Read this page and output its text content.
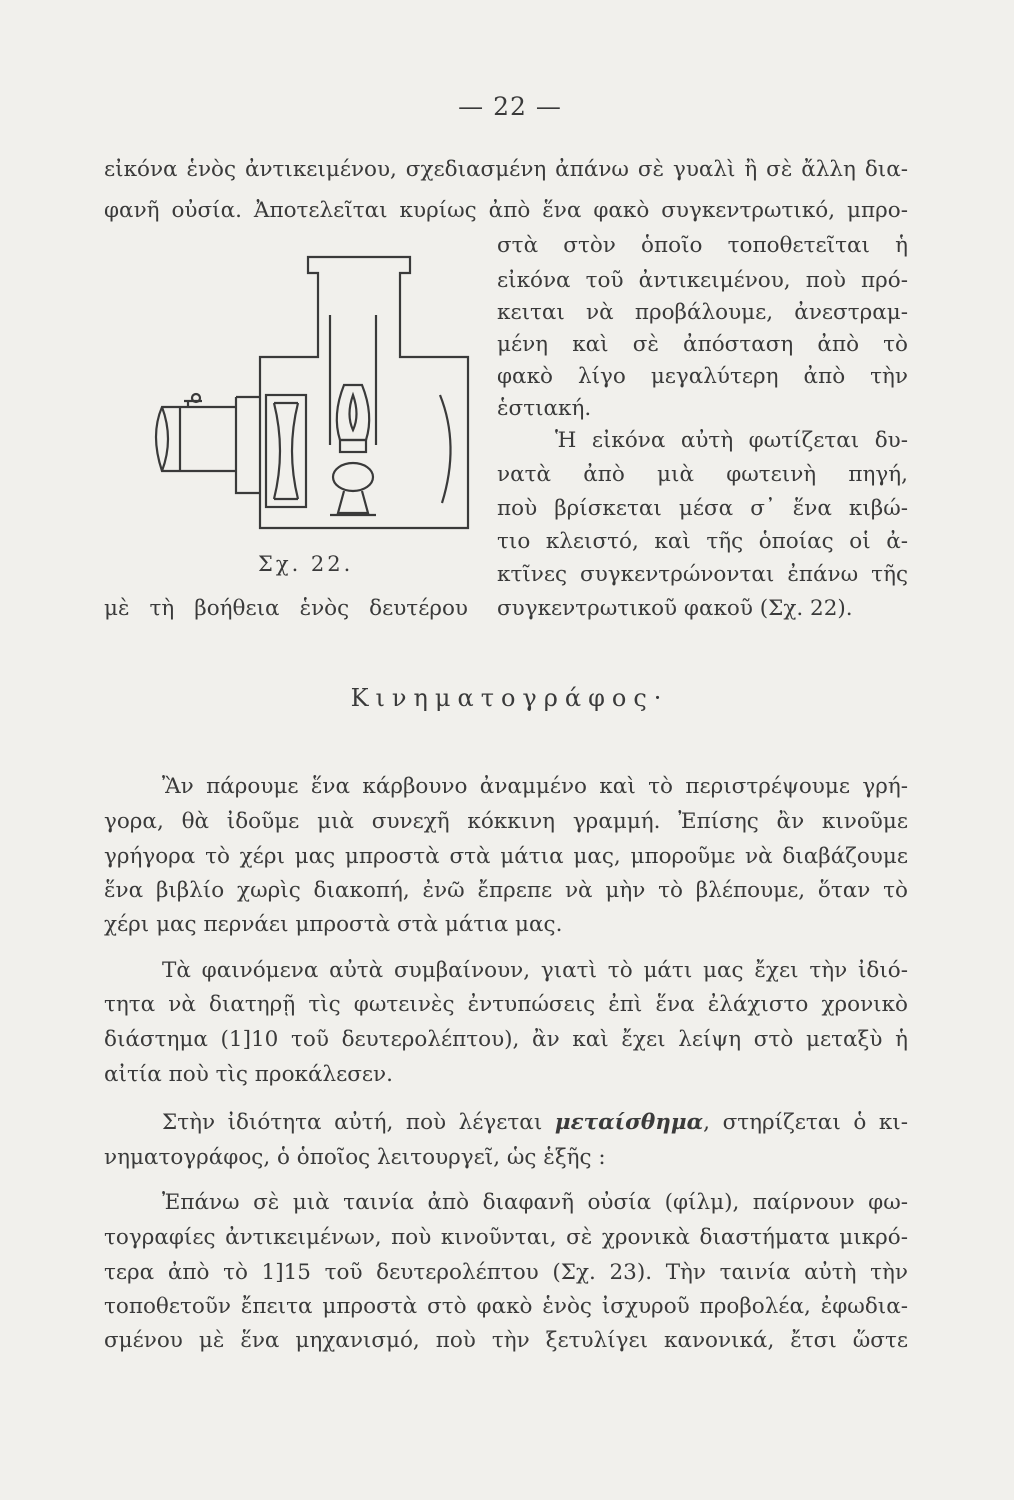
— 22 —
εἰκόνα ἑνὸς ἀντικειμένου, σχεδιασμένη ἀπάνω σὲ γυαλὶ ἢ σὲ ἄλλη δια-
φανῆ οὐσία. Ἀποτελεῖται κυρίως ἀπὸ ἕνα φακὸ συγκεντρωτικό, μπρο-
στὰ στὸν ὁποῖο τοποθετεῖται ἡ
εἰκόνα τοῦ ἀντικειμένου, ποὺ πρό-
κειται νὰ προβάλουμε, ἀνεστραμ-
μένη καὶ σὲ ἀπόσταση ἀπὸ τὸ
φακὸ λίγο μεγαλύτερη ἀπὸ τὴν
ἑστιακή.
Ἡ εἰκόνα αὐτὴ φωτίζεται δυ-
νατὰ ἀπὸ μιὰ φωτεινὴ πηγή,
ποὺ βρίσκεται μέσα σ᾽ ἕνα κιβώ-
τιο κλειστό, καὶ τῆς ὁποίας οἱ ἀ-
κτῖνες συγκεντρώνονται ἐπάνω τῆς
μὲ τὴ βοήθεια ἑνὸς δευτέρου συγκεντρωτικοῦ φακοῦ (Σχ. 22).
Σχ. 22.
Κινηματογράφος·
Ἂν πάρουμε ἕνα κάρβουνο ἀναμμένο καὶ τὸ περιστρέψουμε γρή-
γορα, θὰ ἰδοῦμε μιὰ συνεχῆ κόκκινη γραμμή. Ἐπίσης ἂν κινοῦμε
γρήγορα τὸ χέρι μας μπροστὰ στὰ μάτια μας, μποροῦμε νὰ διαβάζουμε
ἕνα βιβλίο χωρὶς διακοπή, ἐνῶ ἔπρεπε νὰ μὴν τὸ βλέπουμε, ὅταν τὸ
χέρι μας περνάει μπροστὰ στὰ μάτια μας.
Τὰ φαινόμενα αὐτὰ συμβαίνουν, γιατὶ τὸ μάτι μας ἔχει τὴν ἰδιό-
τητα νὰ διατηρῇ τὶς φωτεινὲς ἐντυπώσεις ἐπὶ ἕνα ἐλάχιστο χρονικὸ
διάστημα (1]10 τοῦ δευτερολέπτου), ἂν καὶ ἔχει λείψη στὸ μεταξὺ ἡ
αἰτία ποὺ τὶς προκάλεσεν.
Στὴν ἰδιότητα αὐτή, ποὺ λέγεται μεταίσθημα, στηρίζεται ὁ κι-
νηματογράφος, ὁ ὁποῖος λειτουργεῖ, ὡς ἑξῆς :
Ἐπάνω σὲ μιὰ ταινία ἀπὸ διαφανῆ οὐσία (φίλμ), παίρνουν φω-
τογραφίες ἀντικειμένων, ποὺ κινοῦνται, σὲ χρονικὰ διαστήματα μικρό-
τερα ἀπὸ τὸ 1]15 τοῦ δευτερολέπτου (Σχ. 23). Τὴν ταινία αὐτὴ τὴν
τοποθετοῦν ἔπειτα μπροστὰ στὸ φακὸ ἑνὸς ἰσχυροῦ προβολέα, ἐφωδια-
σμένου μὲ ἕνα μηχανισμό, ποὺ τὴν ξετυλίγει κανονικά, ἔτσι ὥστε
